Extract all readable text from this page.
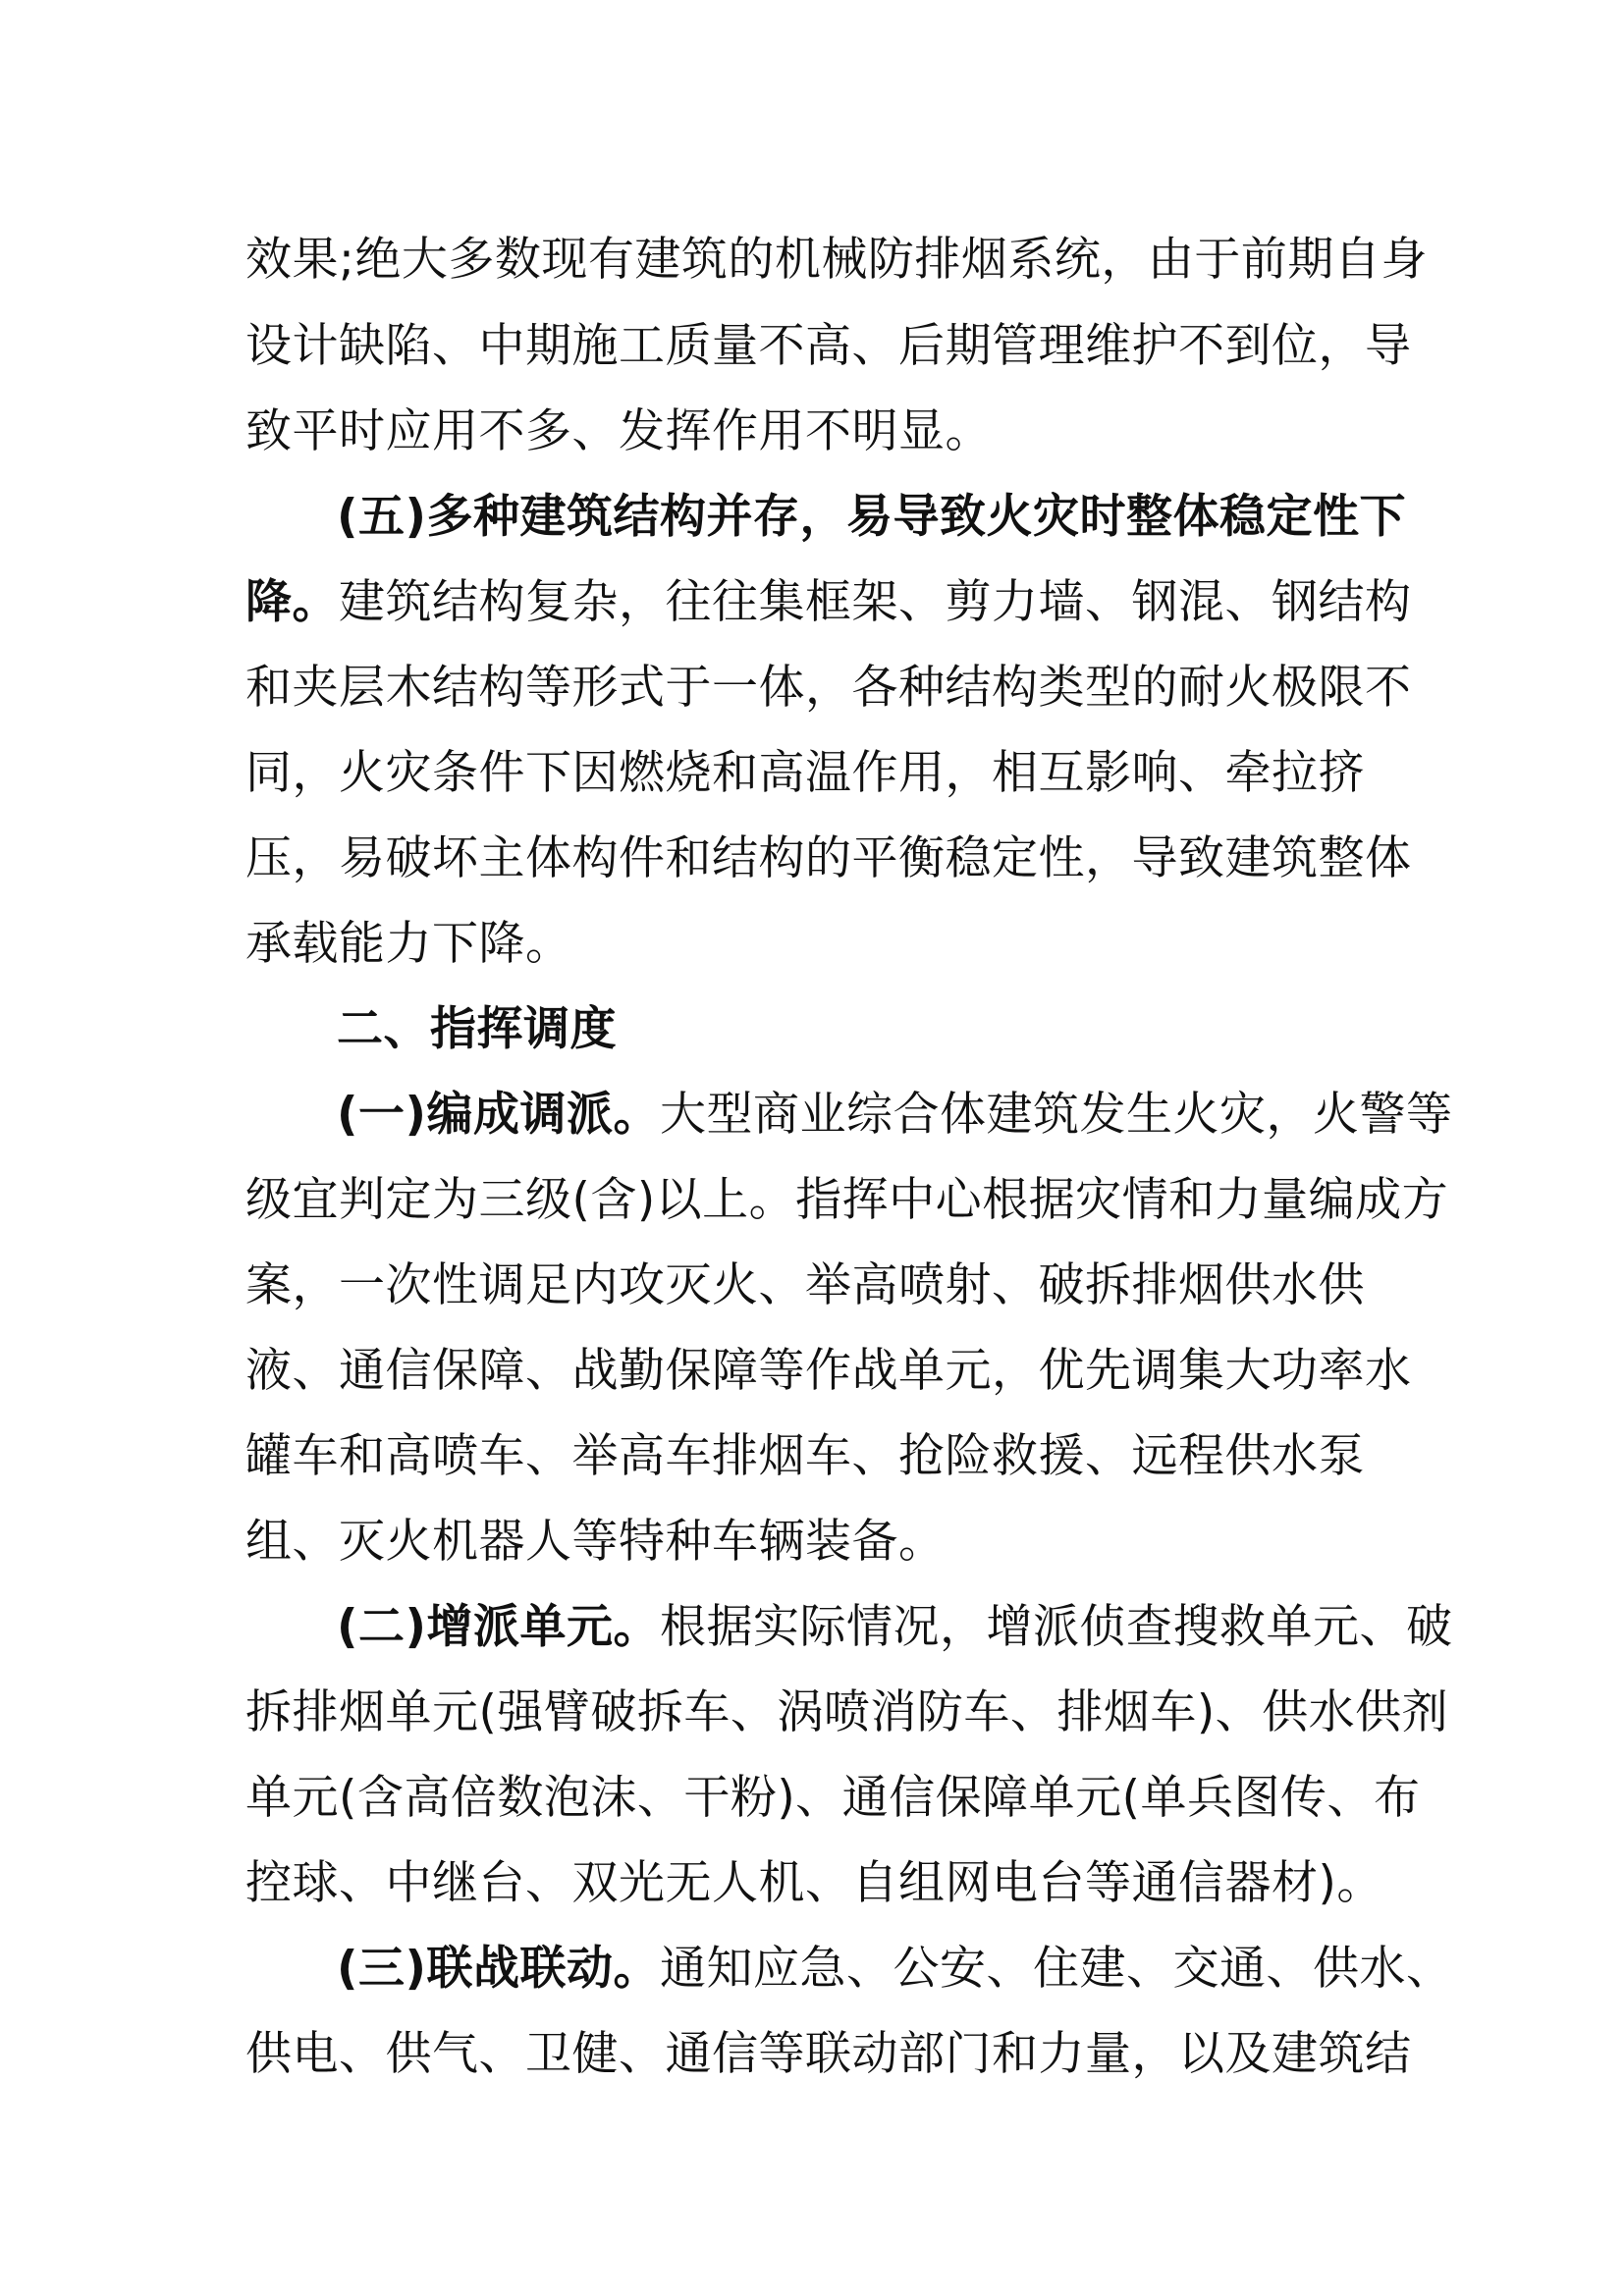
效果;绝大多数现有建筑的机械防排烟系统，由于前期自身

设计缺陷、中期施工质量不高、后期管理维护不到位，导

致平时应用不多、发挥作用不明显。

(五)多种建筑结构并存，易导致火灾时整体稳定性下

降。建筑结构复杂，往往集框架、剪力墙、钢混、钢结构

和夹层木结构等形式于一体，各种结构类型的耐火极限不

同，火灾条件下因燃烧和高温作用，相互影响、牵拉挤

压，易破坏主体构件和结构的平衡稳定性，导致建筑整体

承载能力下降。

二、指挥调度

(一)编成调派。大型商业综合体建筑发生火灾，火警等

级宜判定为三级(含)以上。指挥中心根据灾情和力量编成方

案，一次性调足内攻灭火、举高喷射、破拆排烟供水供

液、通信保障、战勤保障等作战单元，优先调集大功率水

罐车和高喷车、举高车排烟车、抢险救援、远程供水泵

组、灭火机器人等特种车辆装备。

(二)增派单元。根据实际情况，增派侦查搜救单元、破

拆排烟单元(强臂破拆车、涡喷消防车、排烟车)、供水供剂

单元(含高倍数泡沫、干粉)、通信保障单元(单兵图传、布

控球、中继台、双光无人机、自组网电台等通信器材)。

(三)联战联动。通知应急、公安、住建、交通、供水、

供电、供气、卫健、通信等联动部门和力量，以及建筑结
